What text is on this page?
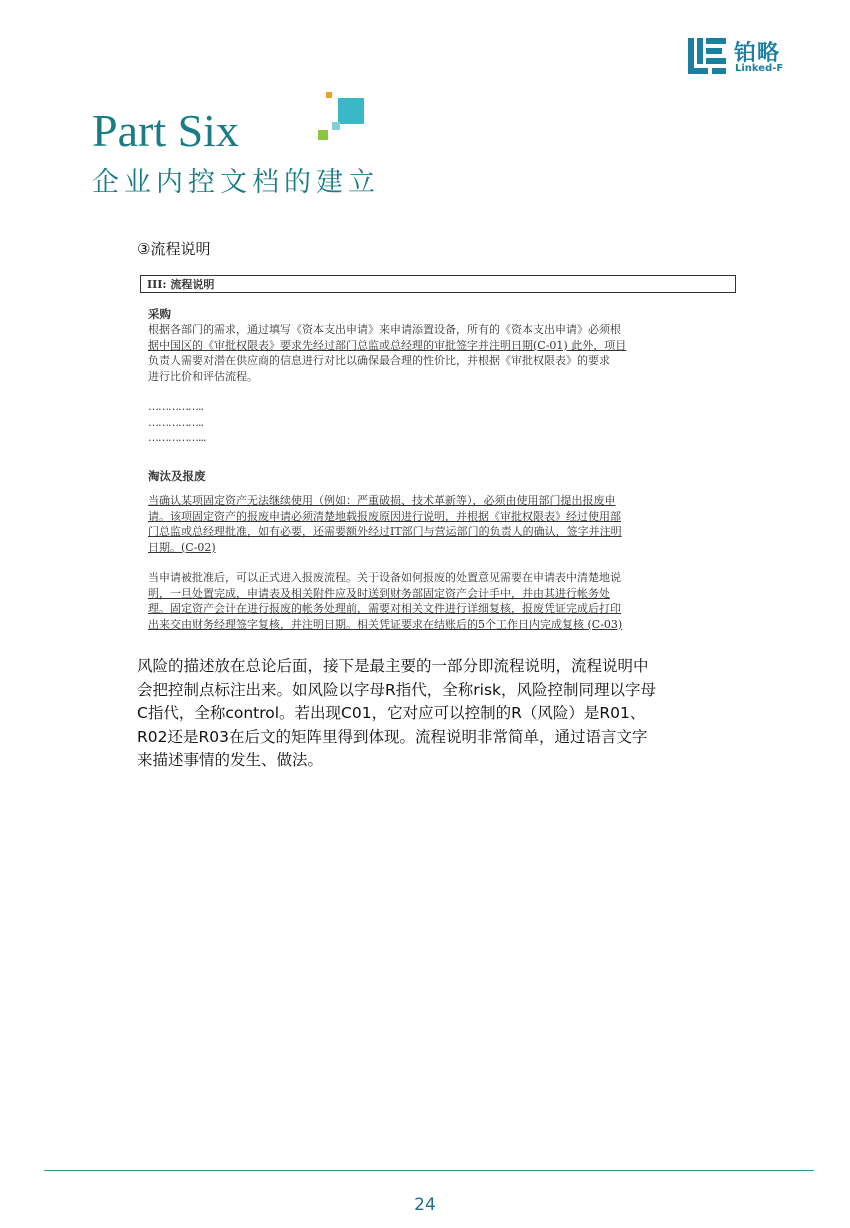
铂略
Linked-F
Part Six
企业内控文档的建立
③流程说明
III: 流程说明
采购
根据各部门的需求，通过填写《资本支出申请》来申请添置设备，所有的《资本支出申请》必须根
据中国区的《审批权限表》要求先经过部门总监或总经理的审批签字并注明日期(C-01) 此外，项目
负责人需要对潜在供应商的信息进行对比以确保最合理的性价比，并根据《审批权限表》的要求
进行比价和评估流程。
……………..
……………..
……………...
淘汰及报废
当确认某项固定资产无法继续使用（例如：严重破损、技术革新等），必须由使用部门提出报废申
请。该项固定资产的报废申请必须清楚地载报废原因进行说明，并根据《审批权限表》经过使用部
门总监或总经理批准，如有必要，还需要额外经过IT部门与营运部门的负责人的确认，签字并注明
日期。(C-02)
当申请被批准后，可以正式进入报废流程。关于设备如何报废的处置意见需要在申请表中清楚地说
明，一旦处置完成，申请表及相关附件应及时送到财务部固定资产会计手中，并由其进行帐务处
理。固定资产会计在进行报废的帐务处理前，需要对相关文件进行详细复核，报废凭证完成后打印
出来交由财务经理签字复核，并注明日期。相关凭证要求在结账后的5个工作日内完成复核 (C-03)
风险的描述放在总论后面，接下是最主要的一部分即流程说明，流程说明中
会把控制点标注出来。如风险以字母R指代，全称risk，风险控制同理以字母
C指代，全称control。若出现C01，它对应可以控制的R（风险）是R01、
R02还是R03在后文的矩阵里得到体现。流程说明非常简单，通过语言文字
来描述事情的发生、做法。
24
